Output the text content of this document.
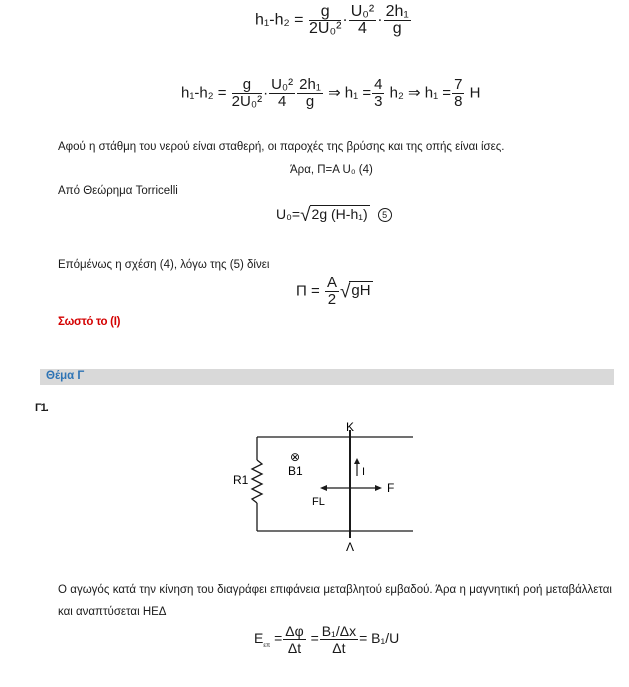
$h_1-h_2 = \frac{g}{\text{2U₀²}} \cdot \frac{\text{U₀²}}{4} \cdot \frac{\text{2h₁}}{g}$
$h_1-h_2 = \frac{g}{\text{2U₀²}} \cdot \frac{\text{U₀²}}{4} \frac{\text{2h₁}}{g}$ ⇒ $h_1 = \frac{4}{3} h_2$ ⇒ $h_1 = \frac{7}{8}$ H
Αφού η στάθμη του νερού είναι σταθερή, οι παροχές της βρύσης και της οπής είναι ίσες.
Άρα, Π=Α U₀ (4)
Από Θεώρημα Torricelli
U₀=√2g (H-h₁) 5
Επόμένως η σχέση (4), λόγω της (5) δίνει
$\Pi = \frac{A}{2} √gH$
Σωστό το (I)
Θέμα Γ
Γ1.
K
Λ
R1
⊗
B1	I
F
FL
Ο αγωγός κατά την κίνηση του διαγράφει επιφάνεια μεταβλητού εμβαδού. Άρα η μαγνητική ροή μεταβάλλεται και αναπτύσεται ΗΕΔ
$E_{\varepsilon\pi} = \frac{\Delta\varphi}{\Delta t} = \frac{\text{B₁/Δx}}{\Delta t} = B_1/U$
